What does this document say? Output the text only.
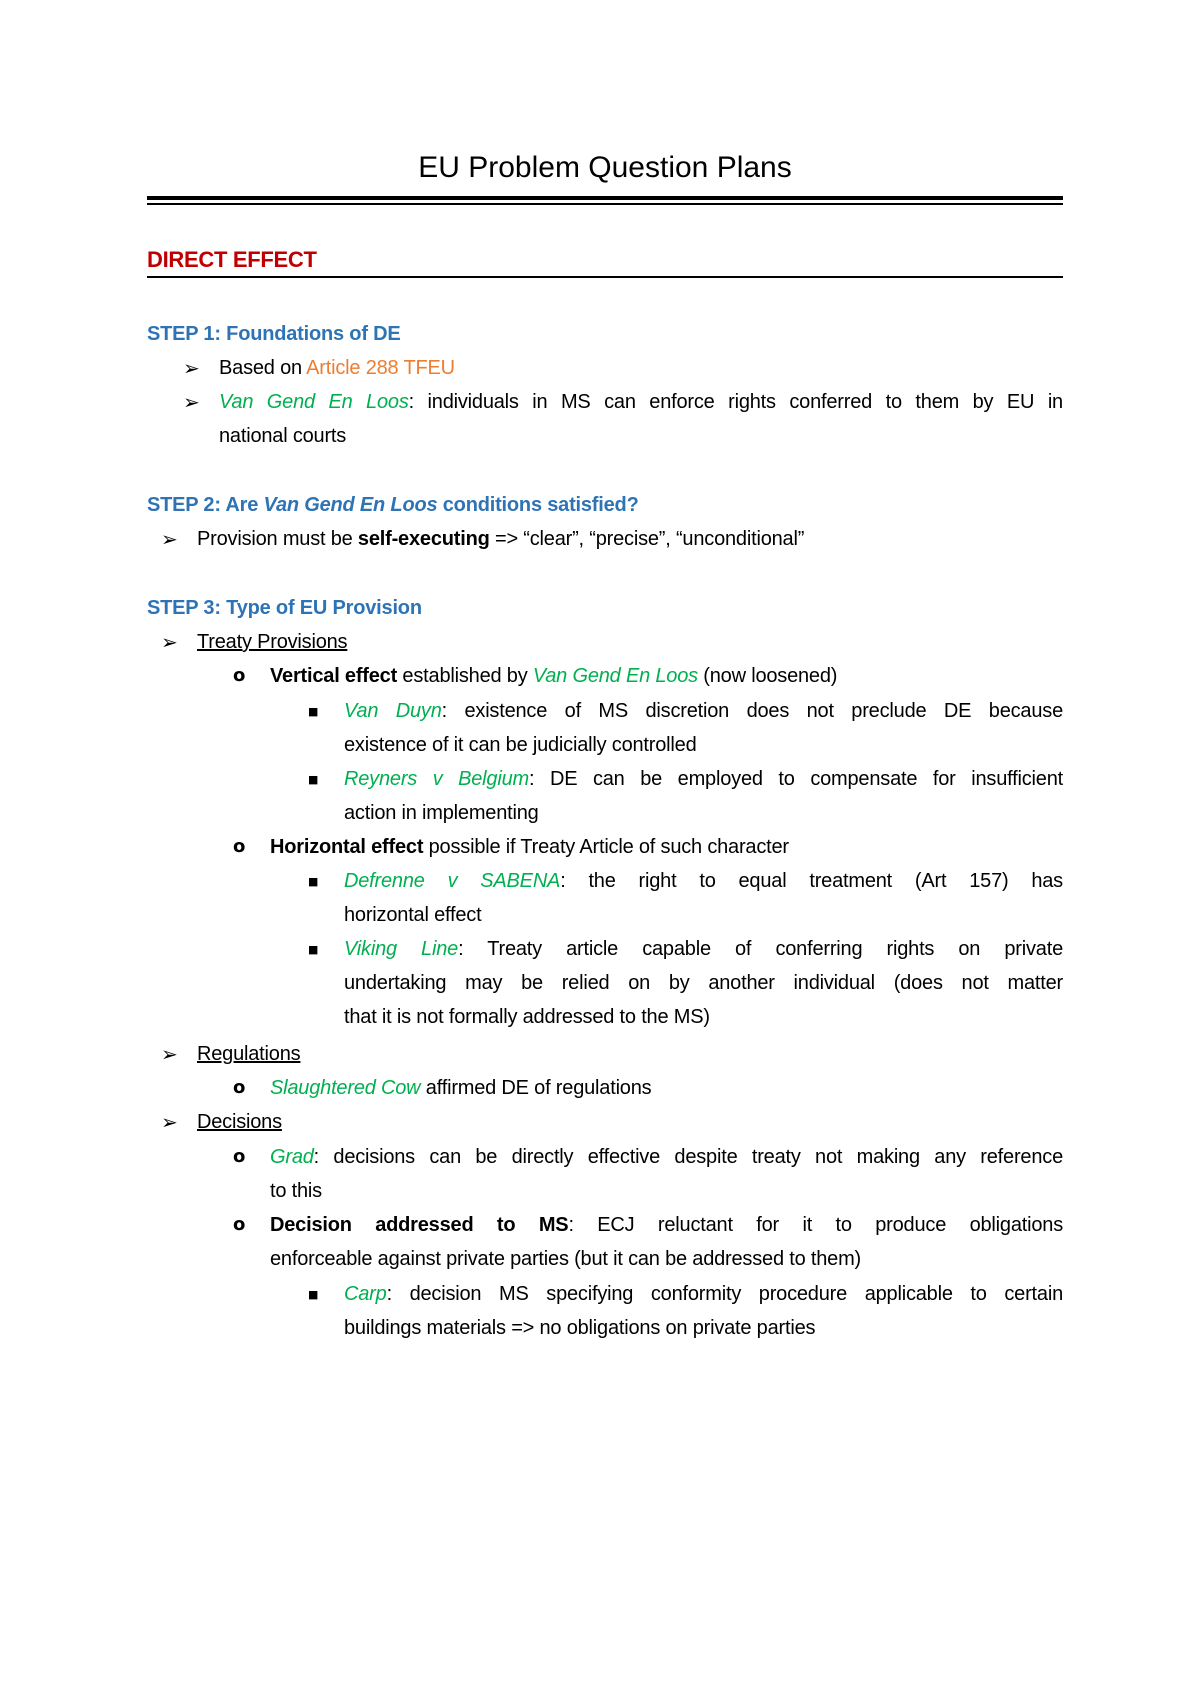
EU Problem Question Plans
DIRECT EFFECT
STEP 1: Foundations of DE
➢ Based on Article 288 TFEU
➢ Van Gend En Loos: individuals in MS can enforce rights conferred to them by EU in
national courts
STEP 2: Are Van Gend En Loos conditions satisfied?
➢ Provision must be self-executing => “clear”, “precise”, “unconditional”
STEP 3: Type of EU Provision
➢ Treaty Provisions
o Vertical effect established by Van Gend En Loos (now loosened)
■ Van Duyn: existence of MS discretion does not preclude DE because
existence of it can be judicially controlled
■ Reyners v Belgium: DE can be employed to compensate for insufficient
action in implementing
o Horizontal effect possible if Treaty Article of such character
■ Defrenne v SABENA: the right to equal treatment (Art 157) has
horizontal effect
■ Viking Line: Treaty article capable of conferring rights on private
undertaking may be relied on by another individual (does not matter
that it is not formally addressed to the MS)
➢ Regulations
o Slaughtered Cow affirmed DE of regulations
➢ Decisions
o Grad: decisions can be directly effective despite treaty not making any reference
to this
o Decision addressed to MS: ECJ reluctant for it to produce obligations
enforceable against private parties (but it can be addressed to them)
■ Carp: decision MS specifying conformity procedure applicable to certain
buildings materials => no obligations on private parties
